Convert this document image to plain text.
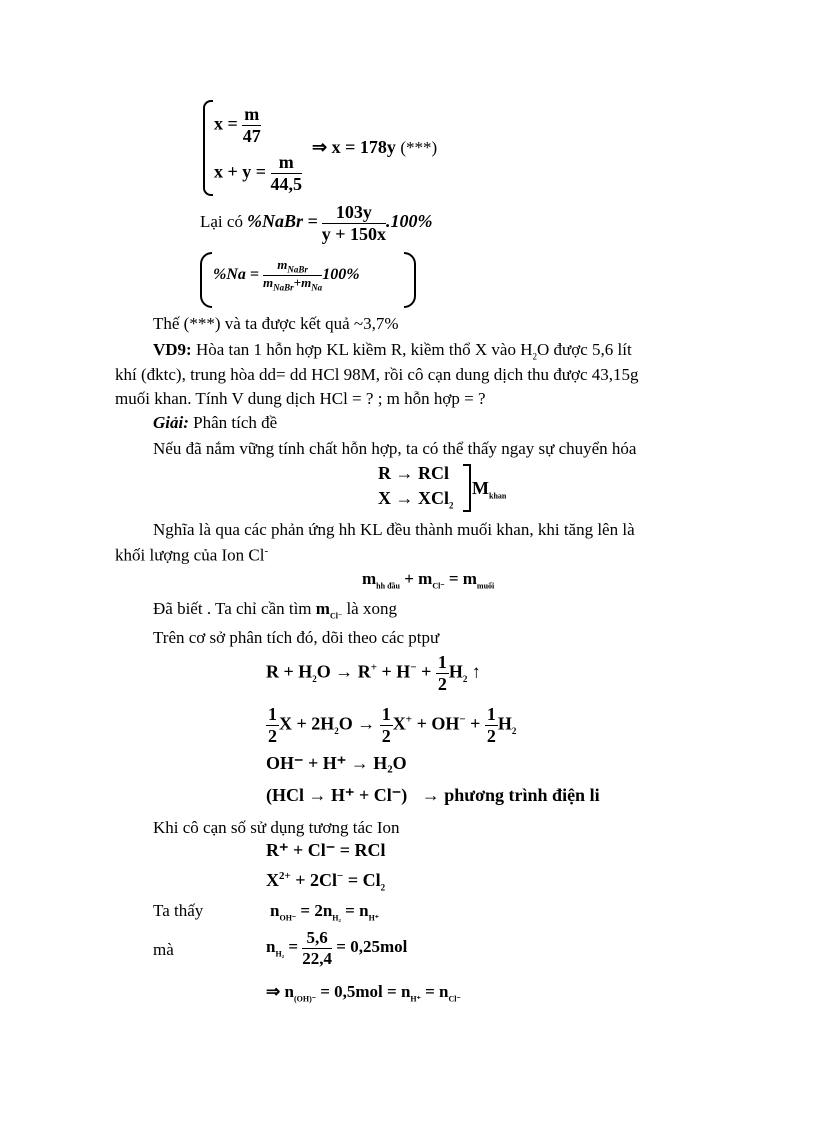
$x = \frac{m}{47}$
$x + y = \frac{m}{44,5}$
⇒ x = 178y (***)
Lại có %NaBr = $\frac{103y}{y + 150x} .100\%$
$\%Na = \frac{m_{NaBr}}{m_{NaBr}+m_{Na}} 100\%$
Thế (***) và ta được kết quả ~3,7%
VD9: Hòa tan 1 hỗn hợp KL kiềm R, kiềm thổ X vào $H_2O$ được 5,6 lít
khí (đktc), trung hòa dd= dd HCl 98M, rồi cô cạn dung dịch thu được 43,15g
muối khan. Tính V dung dịch HCl = ? ; m hỗn hợp = ?
Giải: Phân tích đề
Nếu đã nắm vững tính chất hỗn hợp, ta có thể thấy ngay sự chuyển hóa
R → RCl
X → XCl$_2$
$M_{khan}$
Nghĩa là qua các phản ứng hh KL đều thành muối khan, khi tăng lên là
khối lượng của Ion Cl-
$m_{hh đầu} + m_{Cl^-} = m_{muối}$
Đã biết . Ta chỉ cần tìm $m_{Cl^-}$ là xong
Trên cơ sở phân tích đó, dõi theo các ptpư
$R + H_2O \to R^+ + H^- + \frac{1}{2} H_2$ ↑
$\frac{1}{2}$ $X + 2H_2O \to \frac{1}{2} X^+ + OH^- + \frac{1}{2} H_2$
OH⁻ + H⁺ → H₂O
(HCl → H⁺ + Cl⁻) → phương trình điện li
Khi cô cạn số sử dụng tương tác Ion
R⁺ + Cl⁻ = RCl
$X^{2+} + 2Cl^- = Cl_2$
Ta thấy	$n_{OH^-} = 2n_{H_2} = n_{H^+}$
mà	$n_{H_2} = \frac{5,6}{22,4} = 0,25mol$
⇒ $n_{(OH)^-} = 0,5mol = n_{H^+} = n_{Cl^-}$
